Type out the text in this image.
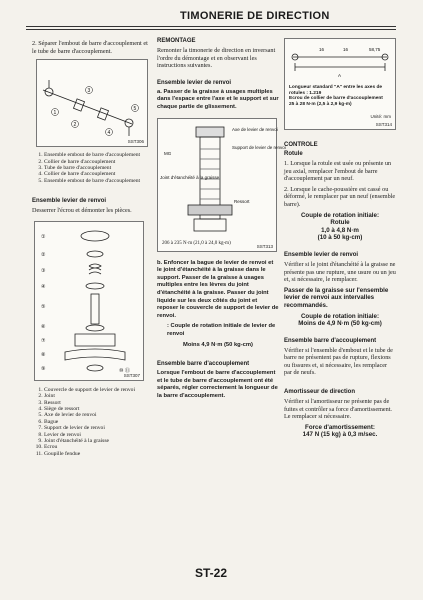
TIMONERIE DE DIRECTION

2. Séparer l'embout de barre d'accouplement et le tube de barre d'accouplement.

1
2
3
4
5
SST306
1. Ensemble embout de barre d'accouplement
2. Collier de barre d'accouplement
3. Tube de barre d'accouplement
4. Collier de barre d'accouplement
5. Ensemble embout de barre d'accouplement
Ensemble levier de renvoi

Desserrer l'écrou et démonter les pièces.

①
②
③
④
⑤
⑥
⑦
⑧
⑨	⑩ ⑪
SST307
1. Couvercle de support de levier de renvoi
2. Joint
3. Ressort
4. Siège de ressort
5. Axe de levier de renvoi
6. Bague
7. Support de levier de renvoi
8. Levier de renvoi
9. Joint d'étanchéité à la graisse
10. Ecrou
11. Goupille fendue
REMONTAGE

Remonter la timonerie de direction en inversant l'ordre du démontage et en observant les instructions suivantes.

Ensemble levier de renvoi

a. Passer de la graisse à usages multiples dans l'espace entre l'axe et le support et sur chaque partie de glissement.

Axe de levier de renvoi
Support de levier de renvoi
Joint d'étanchéité à la graisse
Ressort
MG
206 à 235 N·m (21,0 à 24,0 kg-m)
SST313

b. Enfoncer la bague de levier de renvoi et le joint d'étanchéité à la graisse dans le support. Passer de la graisse à usages multiples entre les lèvres du joint d'étanchéité à la graisse. Passer du joint liquide sur les deux côtés du joint et reposer le couvercle de support de levier de renvoi.

: Couple de rotation initiale de levier de renvoi

Moins 4,9 N·m (50 kg-cm)

Ensemble barre d'accouplement

Lorsque l'embout de barre d'accouplement et le tube de barre d'accouplement ont été séparés, régler correctement la longueur de la barre d'accouplement.

16	16	58,75
A
Longueur standard "A" entre les axes de rotules : 1.219
Ecrou de collier de barre d'accouplement
25 à 28 N·m (2,5 à 2,9 kg-m)
Unité: mm
SST314
CONTROLE
Rotule

1. Lorsque la rotule est usée ou présente un jeu axial, remplacer l'embout de barre d'accouplement par un neuf.

2. Lorsque le cache-poussière est cassé ou déformé, le remplacer par un neuf (ensemble barre).

Couple de rotation initiale:

Rotule

1,0 à 4,8 N·m

(10 à 50 kg-cm)

Ensemble levier de renvoi

Vérifier si le joint d'étanchéité à la graisse ne présente pas une rupture, une usure ou un jeu et, si nécessaire, le remplacer.

Passer de la graisse sur l'ensemble levier de renvoi aux intervalles recommandés.

Couple de rotation initiale:

Moins de 4,9 N·m (50 kg-cm)

Ensemble barre d'accouplement

Vérifier si l'ensemble d'embout et le tube de barre ne présentent pas de rupture, flexions ou fissures et, si nécessaire, les remplacer par de neufs.

Amortisseur de direction

Vérifier si l'amortisseur ne présente pas de fuites et contrôler sa force d'amortissement. Le remplacer si nécessaire.

Force d'amortissement:

147 N (15 kg) à 0,3 m/sec.

ST-22
